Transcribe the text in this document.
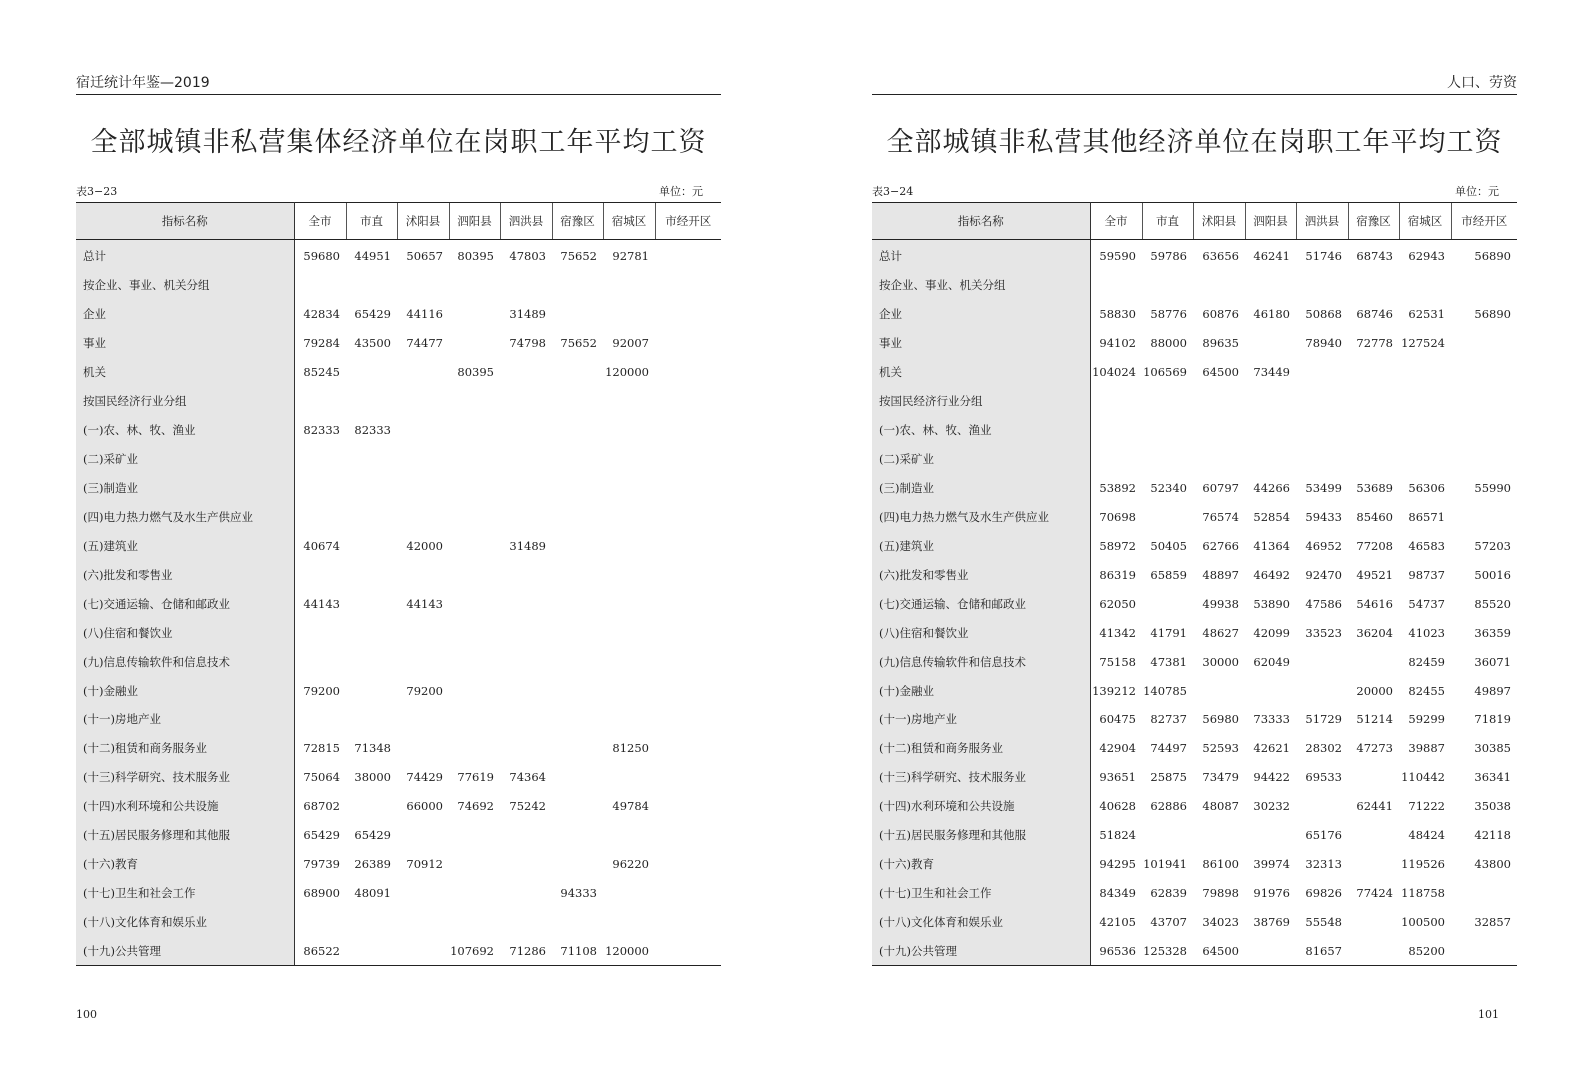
宿迁统计年鉴—2019
全部城镇非私营集体经济单位在岗职工年平均工资
表3−23	单位：元
指标名称	全市	市直	沭阳县	泗阳县	泗洪县	宿豫区	宿城区	市经开区
总计	59680	44951	50657	80395	47803	75652	92781	
按企业、事业、机关分组								
企业	42834	65429	44116		31489			
事业	79284	43500	74477		74798	75652	92007	
机关	85245			80395			120000	
按国民经济行业分组								
(一)农、林、牧、渔业	82333	82333						
(二)采矿业								
(三)制造业								
(四)电力热力燃气及水生产供应业								
(五)建筑业	40674		42000		31489			
(六)批发和零售业								
(七)交通运输、仓储和邮政业	44143		44143					
(八)住宿和餐饮业								
(九)信息传输软件和信息技术								
(十)金融业	79200		79200					
(十一)房地产业								
(十二)租赁和商务服务业	72815	71348					81250	
(十三)科学研究、技术服务业	75064	38000	74429	77619	74364			
(十四)水利环境和公共设施	68702		66000	74692	75242		49784	
(十五)居民服务修理和其他服	65429	65429						
(十六)教育	79739	26389	70912				96220	
(十七)卫生和社会工作	68900	48091				94333		
(十八)文化体育和娱乐业								
(十九)公共管理	86522			107692	71286	71108	120000	
100
人口、劳资
全部城镇非私营其他经济单位在岗职工年平均工资
表3−24	单位：元
指标名称	全市	市直	沭阳县	泗阳县	泗洪县	宿豫区	宿城区	市经开区
总计	59590	59786	63656	46241	51746	68743	62943	56890
按企业、事业、机关分组								
企业	58830	58776	60876	46180	50868	68746	62531	56890
事业	94102	88000	89635		78940	72778	127524	
机关	104024	106569	64500	73449				
按国民经济行业分组								
(一)农、林、牧、渔业								
(二)采矿业								
(三)制造业	53892	52340	60797	44266	53499	53689	56306	55990
(四)电力热力燃气及水生产供应业	70698		76574	52854	59433	85460	86571	
(五)建筑业	58972	50405	62766	41364	46952	77208	46583	57203
(六)批发和零售业	86319	65859	48897	46492	92470	49521	98737	50016
(七)交通运输、仓储和邮政业	62050		49938	53890	47586	54616	54737	85520
(八)住宿和餐饮业	41342	41791	48627	42099	33523	36204	41023	36359
(九)信息传输软件和信息技术	75158	47381	30000	62049			82459	36071
(十)金融业	139212	140785				20000	82455	49897
(十一)房地产业	60475	82737	56980	73333	51729	51214	59299	71819
(十二)租赁和商务服务业	42904	74497	52593	42621	28302	47273	39887	30385
(十三)科学研究、技术服务业	93651	25875	73479	94422	69533		110442	36341
(十四)水利环境和公共设施	40628	62886	48087	30232		62441	71222	35038
(十五)居民服务修理和其他服	51824				65176		48424	42118
(十六)教育	94295	101941	86100	39974	32313		119526	43800
(十七)卫生和社会工作	84349	62839	79898	91976	69826	77424	118758	
(十八)文化体育和娱乐业	42105	43707	34023	38769	55548		100500	32857
(十九)公共管理	96536	125328	64500		81657		85200	
101
